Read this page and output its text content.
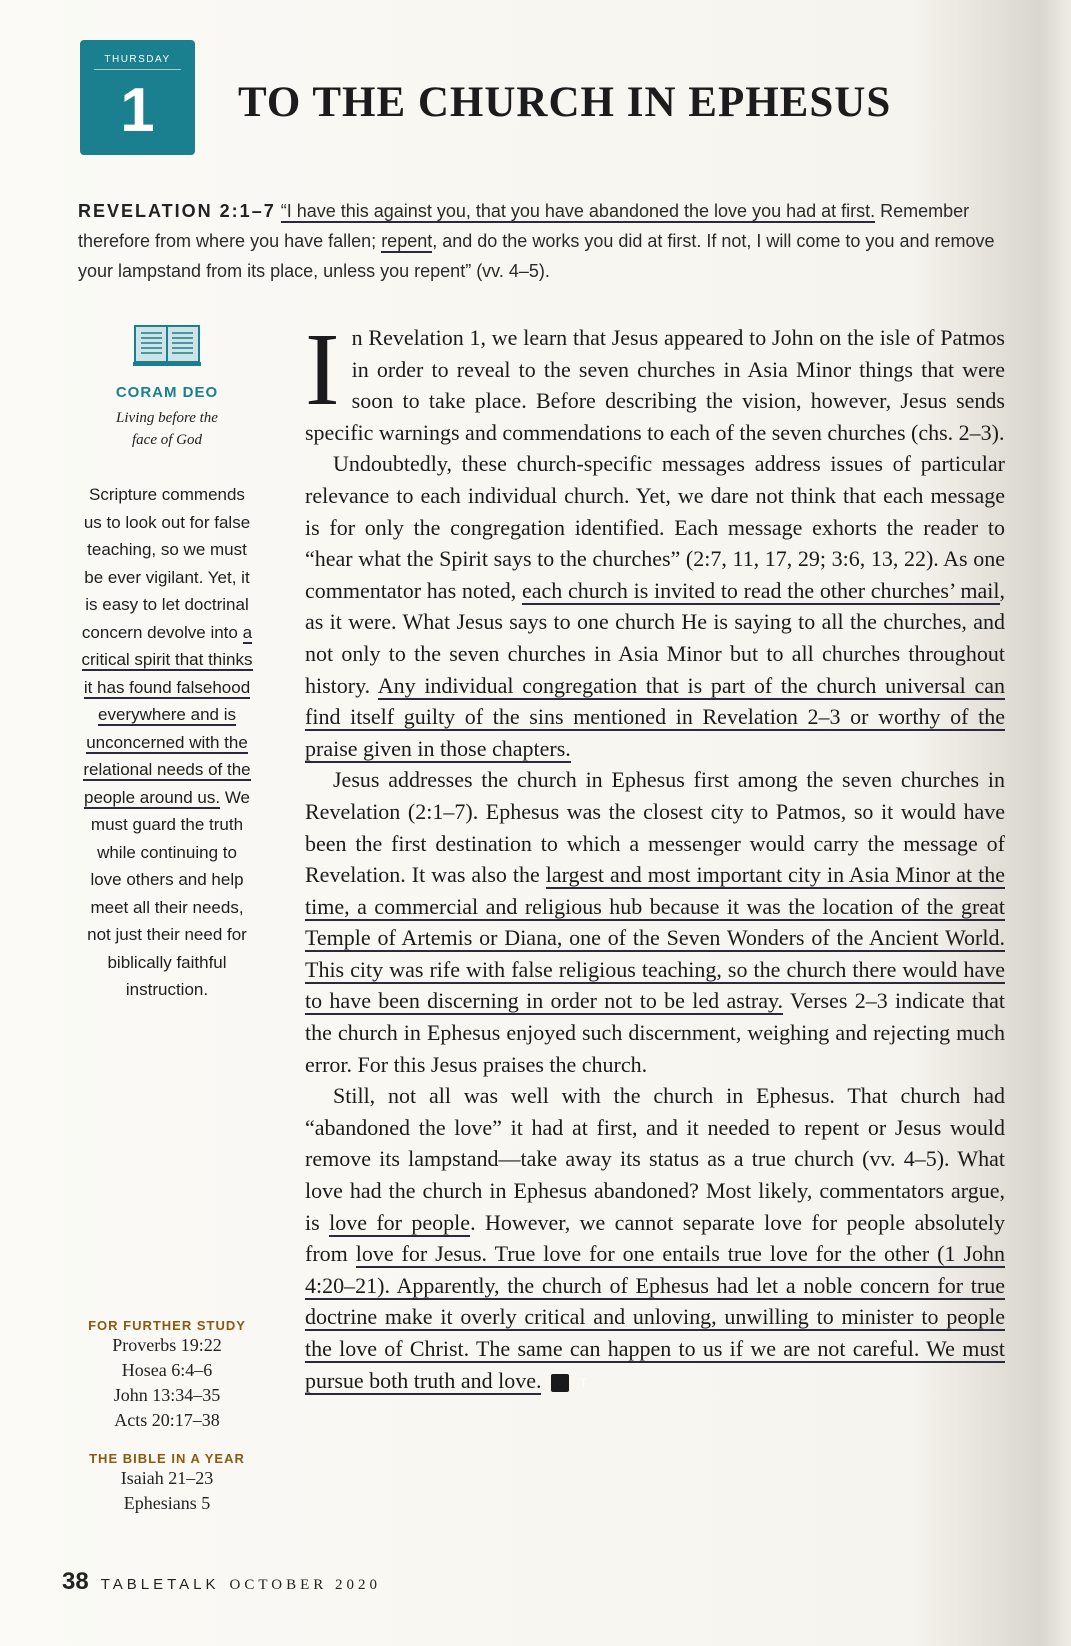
THURSDAY
1	TO THE CHURCH IN EPHESUS
REVELATION 2:1–7 “I have this against you, that you have abandoned the love you had at first. Remember therefore from where you have fallen; repent, and do the works you did at first. If not, I will come to you and remove your lampstand from its place, unless you repent” (vv. 4–5).
CORAM DEO
Living before the face of God
Scripture commends us to look out for false teaching, so we must be ever vigilant. Yet, it is easy to let doctrinal concern devolve into a critical spirit that thinks it has found falsehood everywhere and is unconcerned with the relational needs of the people around us. We must guard the truth while continuing to love others and help meet all their needs, not just their need for biblically faithful instruction.
FOR FURTHER STUDY
Proverbs 19:22
Hosea 6:4–6
John 13:34–35
Acts 20:17–38
THE BIBLE IN A YEAR
Isaiah 21–23
Ephesians 5

In Revelation 1, we learn that Jesus appeared to John on the isle of Patmos in order to reveal to the seven churches in Asia Minor things that were soon to take place. Before describing the vision, however, Jesus sends specific warnings and commendations to each of the seven churches (chs. 2–3).

Undoubtedly, these church-specific messages address issues of particular relevance to each individual church. Yet, we dare not think that each message is for only the congregation identified. Each message exhorts the reader to “hear what the Spirit says to the churches” (2:7, 11, 17, 29; 3:6, 13, 22). As one commentator has noted, each church is invited to read the other churches’ mail, as it were. What Jesus says to one church He is saying to all the churches, and not only to the seven churches in Asia Minor but to all churches throughout history. Any individual congregation that is part of the church universal can find itself guilty of the sins mentioned in Revelation 2–3 or worthy of the praise given in those chapters.

Jesus addresses the church in Ephesus first among the seven churches in Revelation (2:1–7). Ephesus was the closest city to Patmos, so it would have been the first destination to which a messenger would carry the message of Revelation. It was also the largest and most important city in Asia Minor at the time, a commercial and religious hub because it was the location of the great Temple of Artemis or Diana, one of the Seven Wonders of the Ancient World. This city was rife with false religious teaching, so the church there would have to have been discerning in order not to be led astray. Verses 2–3 indicate that the church in Ephesus enjoyed such discernment, weighing and rejecting much error. For this Jesus praises the church.

Still, not all was well with the church in Ephesus. That church had “abandoned the love” it had at first, and it needed to repent or Jesus would remove its lampstand—take away its status as a true church (vv. 4–5). What love had the church in Ephesus abandoned? Most likely, commentators argue, is love for people. However, we cannot separate love for people absolutely from love for Jesus. True love for one entails true love for the other (1 John 4:20–21). Apparently, the church of Ephesus had let a noble concern for true doctrine make it overly critical and unloving, unwilling to minister to people the love of Christ. The same can happen to us if we are not careful. We must pursue both truth and love.	T

38 TABLETALK OCTOBER 2020
